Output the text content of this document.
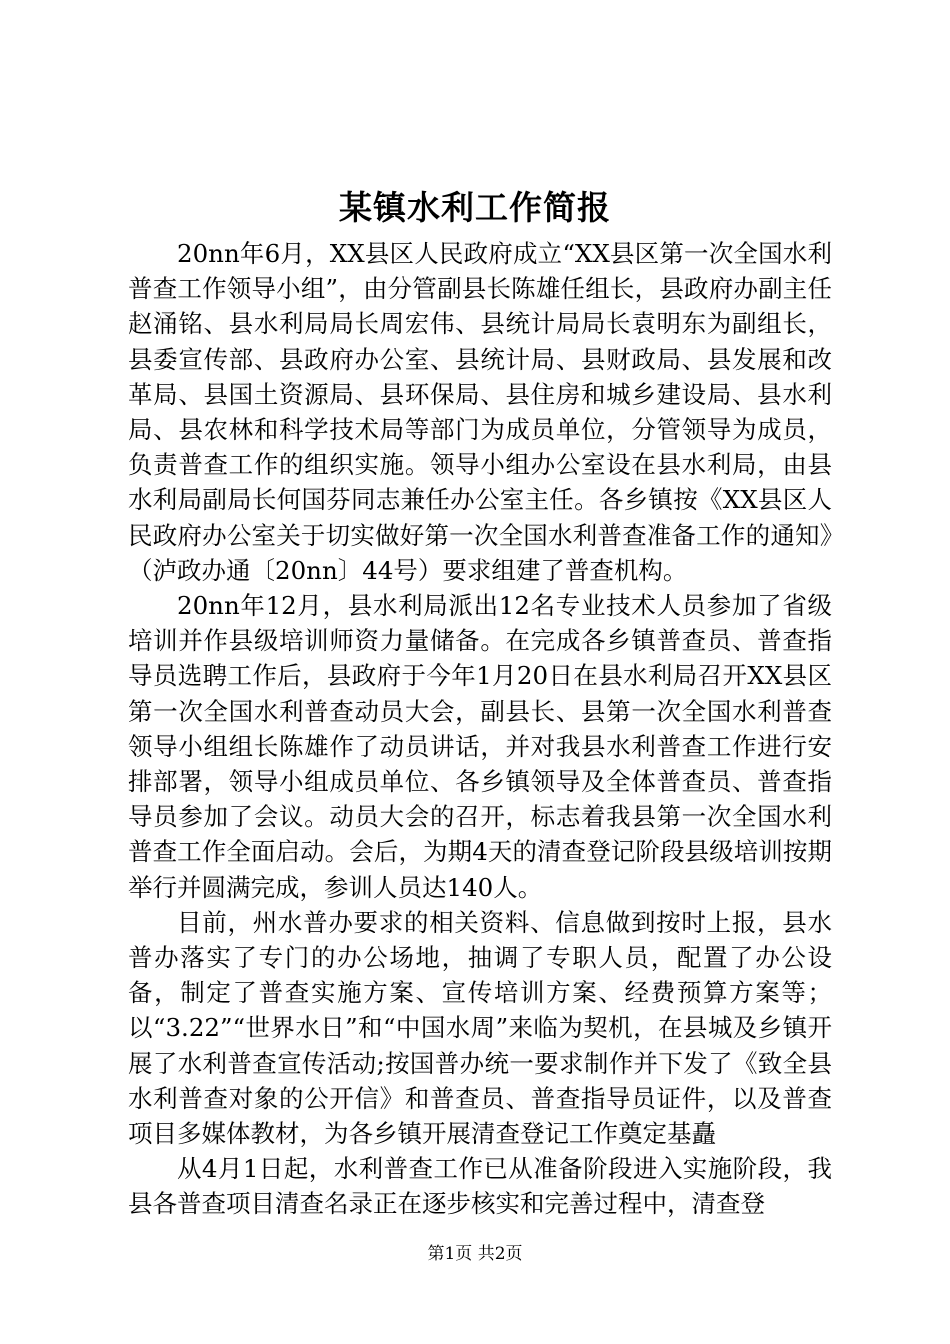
某镇水利工作简报

20nn年6月，XX县区人民政府成立“XX县区第一次全国水利普查工作领导小组”，由分管副县长陈雄任组长，县政府办副主任赵涌铭、县水利局局长周宏伟、县统计局局长袁明东为副组长，县委宣传部、县政府办公室、县统计局、县财政局、县发展和改革局、县国土资源局、县环保局、县住房和城乡建设局、县水利局、县农林和科学技术局等部门为成员单位，分管领导为成员，负责普查工作的组织实施。领导小组办公室设在县水利局，由县水利局副局长何国芬同志兼任办公室主任。各乡镇按《XX县区人民政府办公室关于切实做好第一次全国水利普查准备工作的通知》（泸政办通〔20nn〕44号）要求组建了普查机构。

20nn年12月，县水利局派出12名专业技术人员参加了省级培训并作县级培训师资力量储备。在完成各乡镇普查员、普查指导员选聘工作后，县政府于今年1月20日在县水利局召开XX县区第一次全国水利普查动员大会，副县长、县第一次全国水利普查领导小组组长陈雄作了动员讲话，并对我县水利普查工作进行安排部署，领导小组成员单位、各乡镇领导及全体普查员、普查指导员参加了会议。动员大会的召开，标志着我县第一次全国水利普查工作全面启动。会后，为期4天的清查登记阶段县级培训按期举行并圆满完成，参训人员达140人。

目前，州水普办要求的相关资料、信息做到按时上报，县水普办落实了专门的办公场地，抽调了专职人员，配置了办公设备，制定了普查实施方案、宣传培训方案、经费预算方案等；以“3.22”“世界水日”和“中国水周”来临为契机，在县城及乡镇开展了水利普查宣传活动;按国普办统一要求制作并下发了《致全县水利普查对象的公开信》和普查员、普查指导员证件，以及普查项目多媒体教材，为各乡镇开展清查登记工作奠定基矗

从4月1日起，水利普查工作已从准备阶段进入实施阶段，我县各普查项目清查名录正在逐步核实和完善过程中，清查登

第1页 共2页
